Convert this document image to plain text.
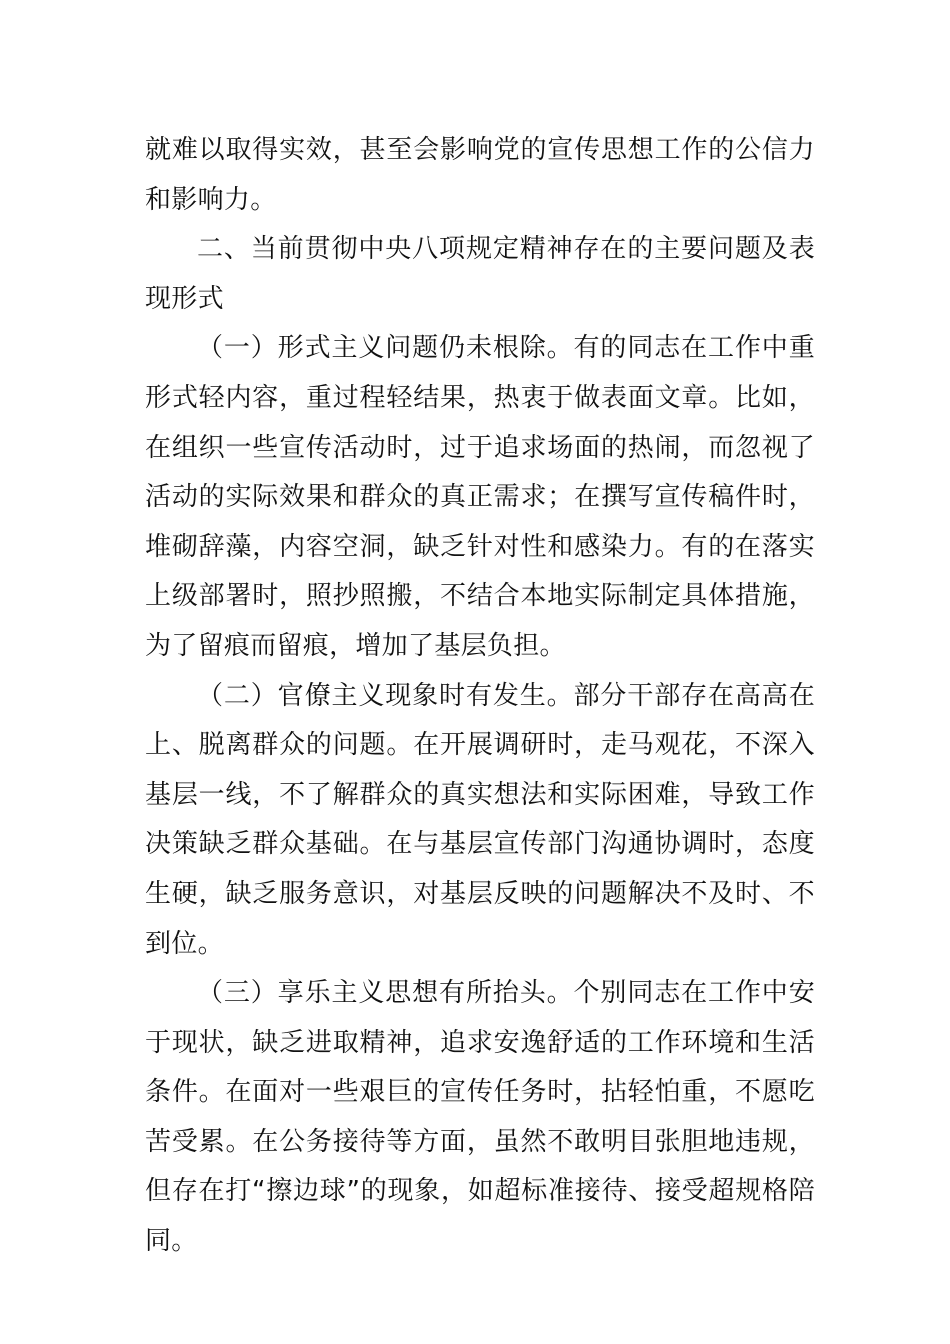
就难以取得实效，甚至会影响党的宣传思想工作的公信力和影响力。

二、当前贯彻中央八项规定精神存在的主要问题及表现形式

（一）形式主义问题仍未根除。有的同志在工作中重形式轻内容，重过程轻结果，热衷于做表面文章。比如，在组织一些宣传活动时，过于追求场面的热闹，而忽视了活动的实际效果和群众的真正需求；在撰写宣传稿件时，堆砌辞藻，内容空洞，缺乏针对性和感染力。有的在落实上级部署时，照抄照搬，不结合本地实际制定具体措施，为了留痕而留痕，增加了基层负担。

（二）官僚主义现象时有发生。部分干部存在高高在上、脱离群众的问题。在开展调研时，走马观花，不深入基层一线，不了解群众的真实想法和实际困难，导致工作决策缺乏群众基础。在与基层宣传部门沟通协调时，态度生硬，缺乏服务意识，对基层反映的问题解决不及时、不到位。

（三）享乐主义思想有所抬头。个别同志在工作中安于现状，缺乏进取精神，追求安逸舒适的工作环境和生活条件。在面对一些艰巨的宣传任务时，拈轻怕重，不愿吃苦受累。在公务接待等方面，虽然不敢明目张胆地违规，但存在打“擦边球”的现象，如超标准接待、接受超规格陪同。
